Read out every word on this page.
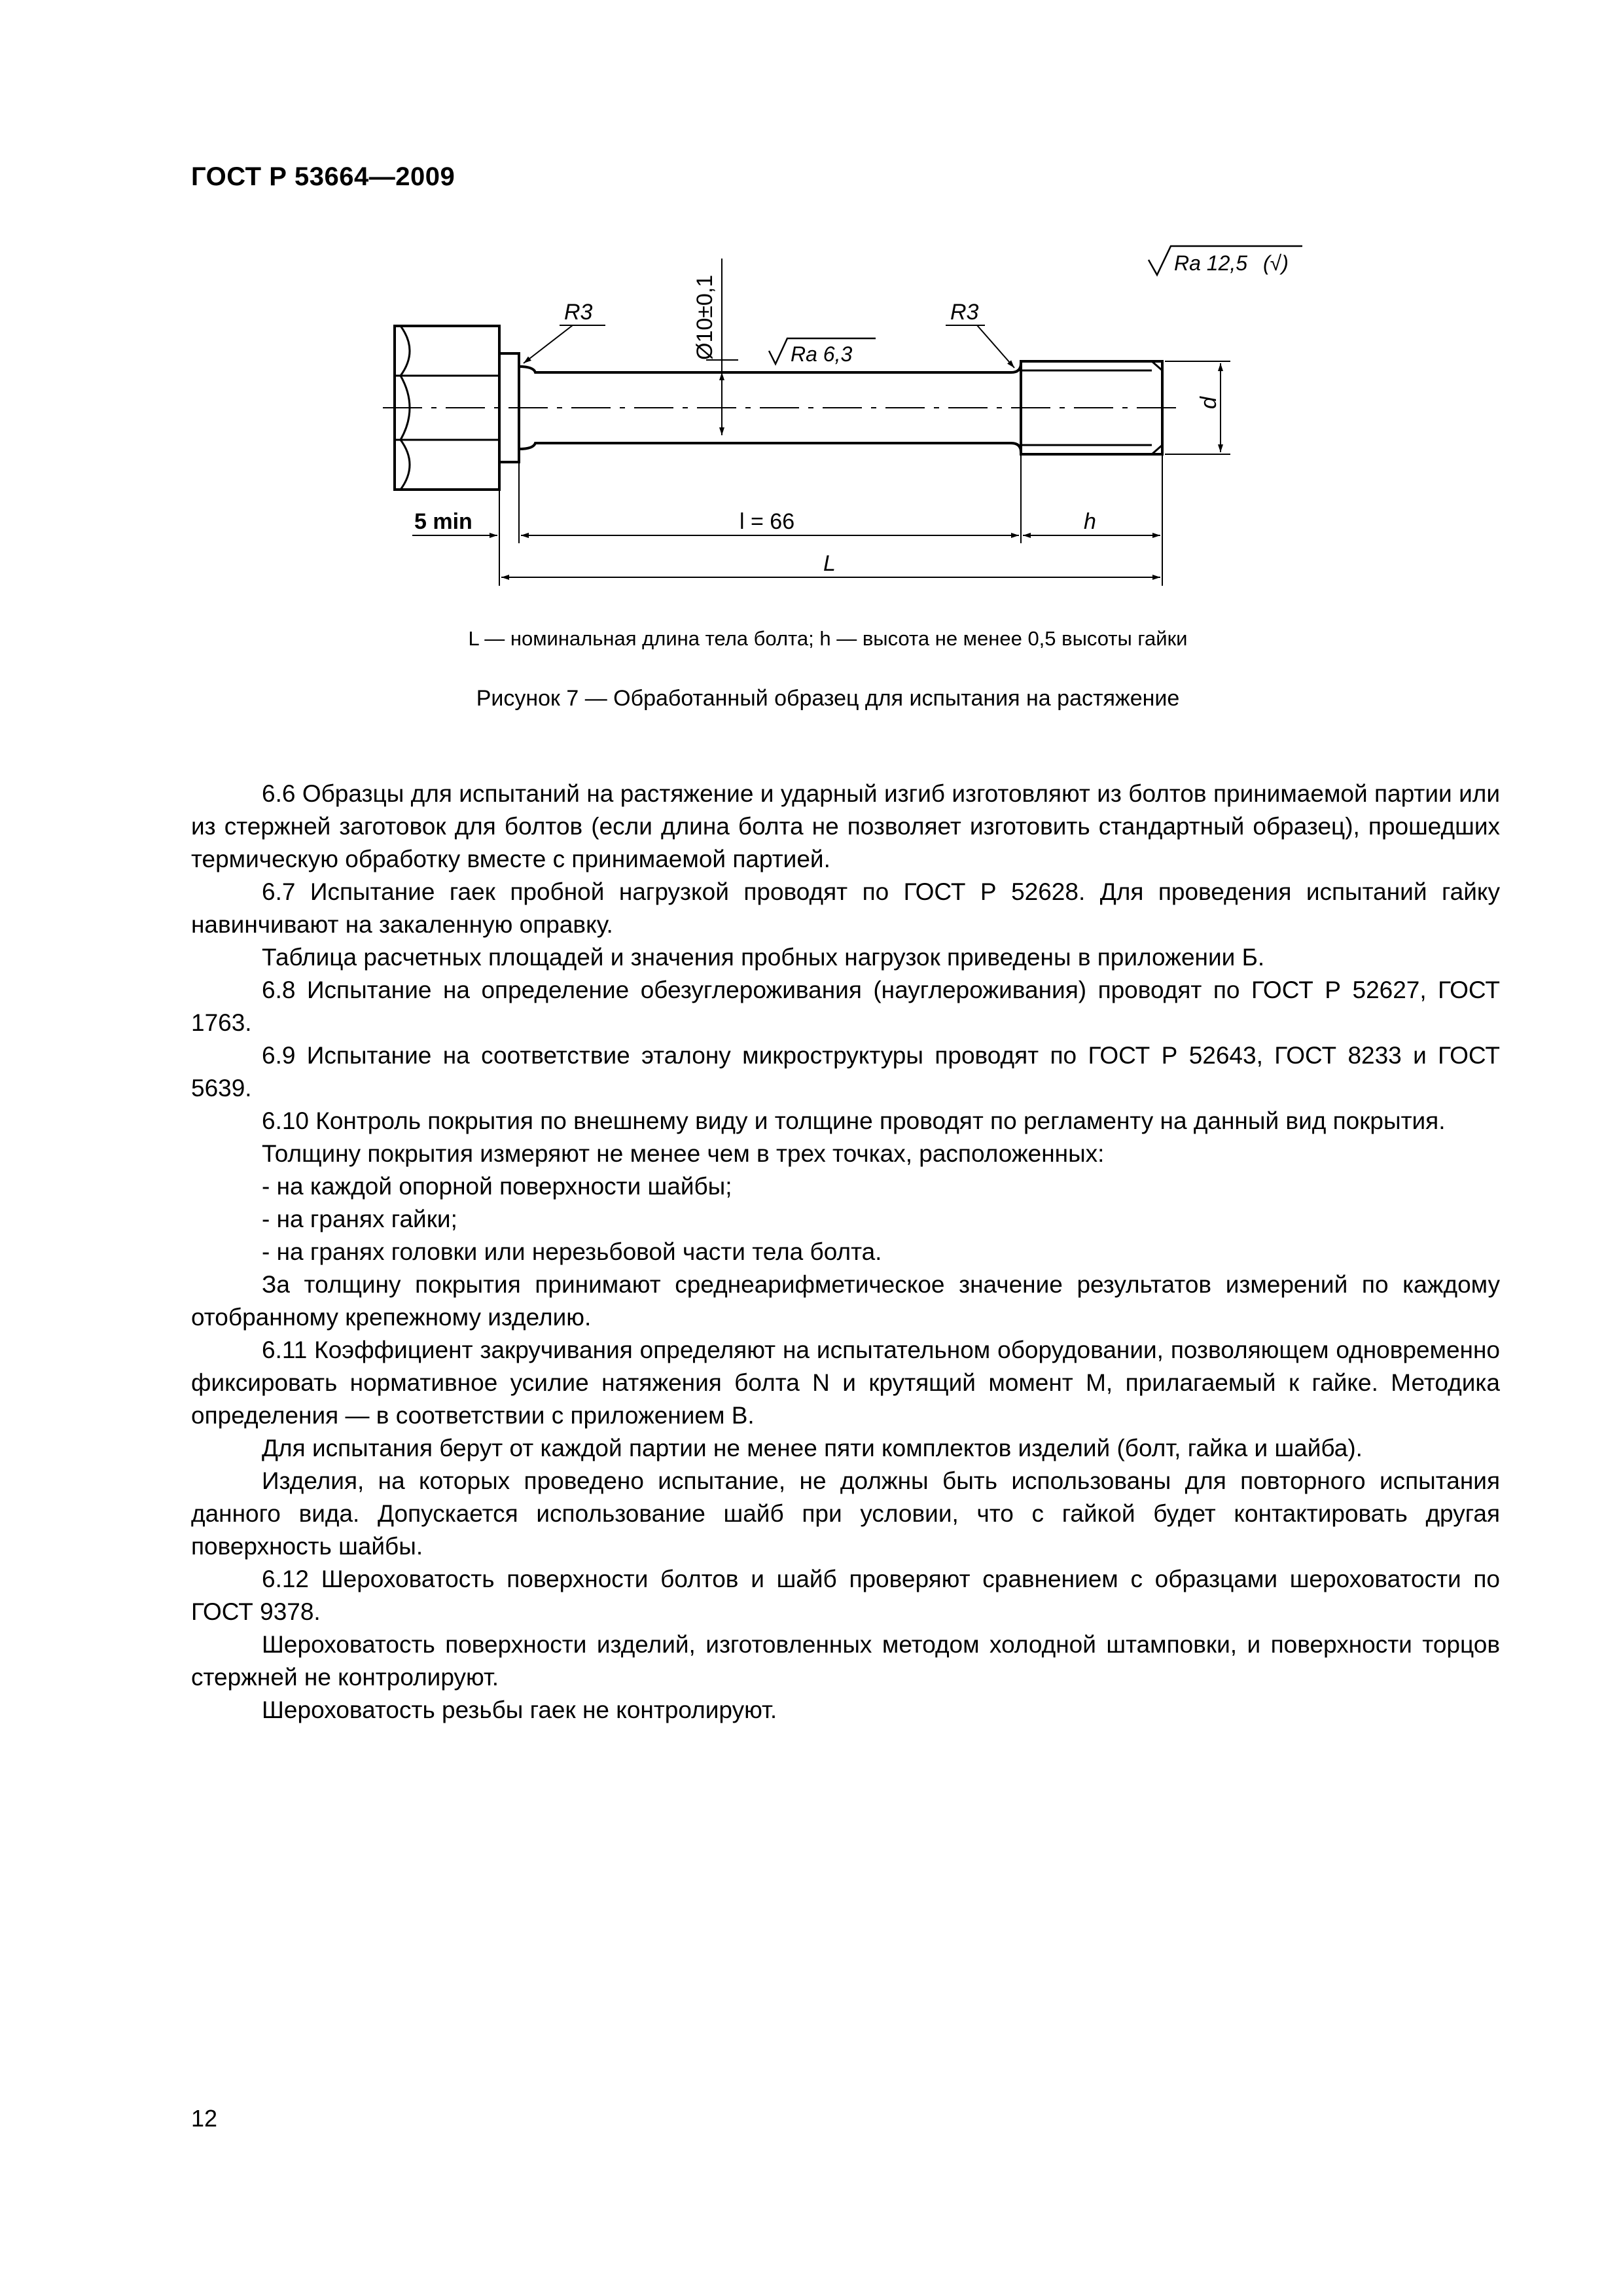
ГОСТ Р 53664—2009
Ø10±0,1
R3	R3
Ra 6,3
Ra 12,5 (√)
d
5 min	l = 66	h
L
L — номинальная длина тела болта; h — высота не менее 0,5 высоты гайки
Рисунок 7 — Обработанный образец для испытания на растяжение

6.6 Образцы для испытаний на растяжение и ударный изгиб изготовляют из болтов принимаемой партии или из стержней заготовок для болтов (если длина болта не позволяет изготовить стандартный образец), прошедших термическую обработку вместе с принимаемой партией.

6.7 Испытание гаек пробной нагрузкой проводят по ГОСТ Р 52628. Для проведения испытаний гайку навинчивают на закаленную оправку.

Таблица расчетных площадей и значения пробных нагрузок приведены в приложении Б.

6.8 Испытание на определение обезуглероживания (науглероживания) проводят по ГОСТ Р 52627, ГОСТ 1763.

6.9 Испытание на соответствие эталону микроструктуры проводят по ГОСТ Р 52643, ГОСТ 8233 и ГОСТ 5639.

6.10 Контроль покрытия по внешнему виду и толщине проводят по регламенту на данный вид покрытия.

Толщину покрытия измеряют не менее чем в трех точках, расположенных:

- на каждой опорной поверхности шайбы;

- на гранях гайки;

- на гранях головки или нерезьбовой части тела болта.

За толщину покрытия принимают среднеарифметическое значение результатов измерений по каждому отобранному крепежному изделию.

6.11 Коэффициент закручивания определяют на испытательном оборудовании, позволяющем одновременно фиксировать нормативное усилие натяжения болта N и крутящий момент M, прилагаемый к гайке. Методика определения — в соответствии с приложением В.

Для испытания берут от каждой партии не менее пяти комплектов изделий (болт, гайка и шайба).

Изделия, на которых проведено испытание, не должны быть использованы для повторного испытания данного вида. Допускается использование шайб при условии, что с гайкой будет контактировать другая поверхность шайбы.

6.12 Шероховатость поверхности болтов и шайб проверяют сравнением с образцами шероховатости по ГОСТ 9378.

Шероховатость поверхности изделий, изготовленных методом холодной штамповки, и поверхности торцов стержней не контролируют.

Шероховатость резьбы гаек не контролируют.

12
